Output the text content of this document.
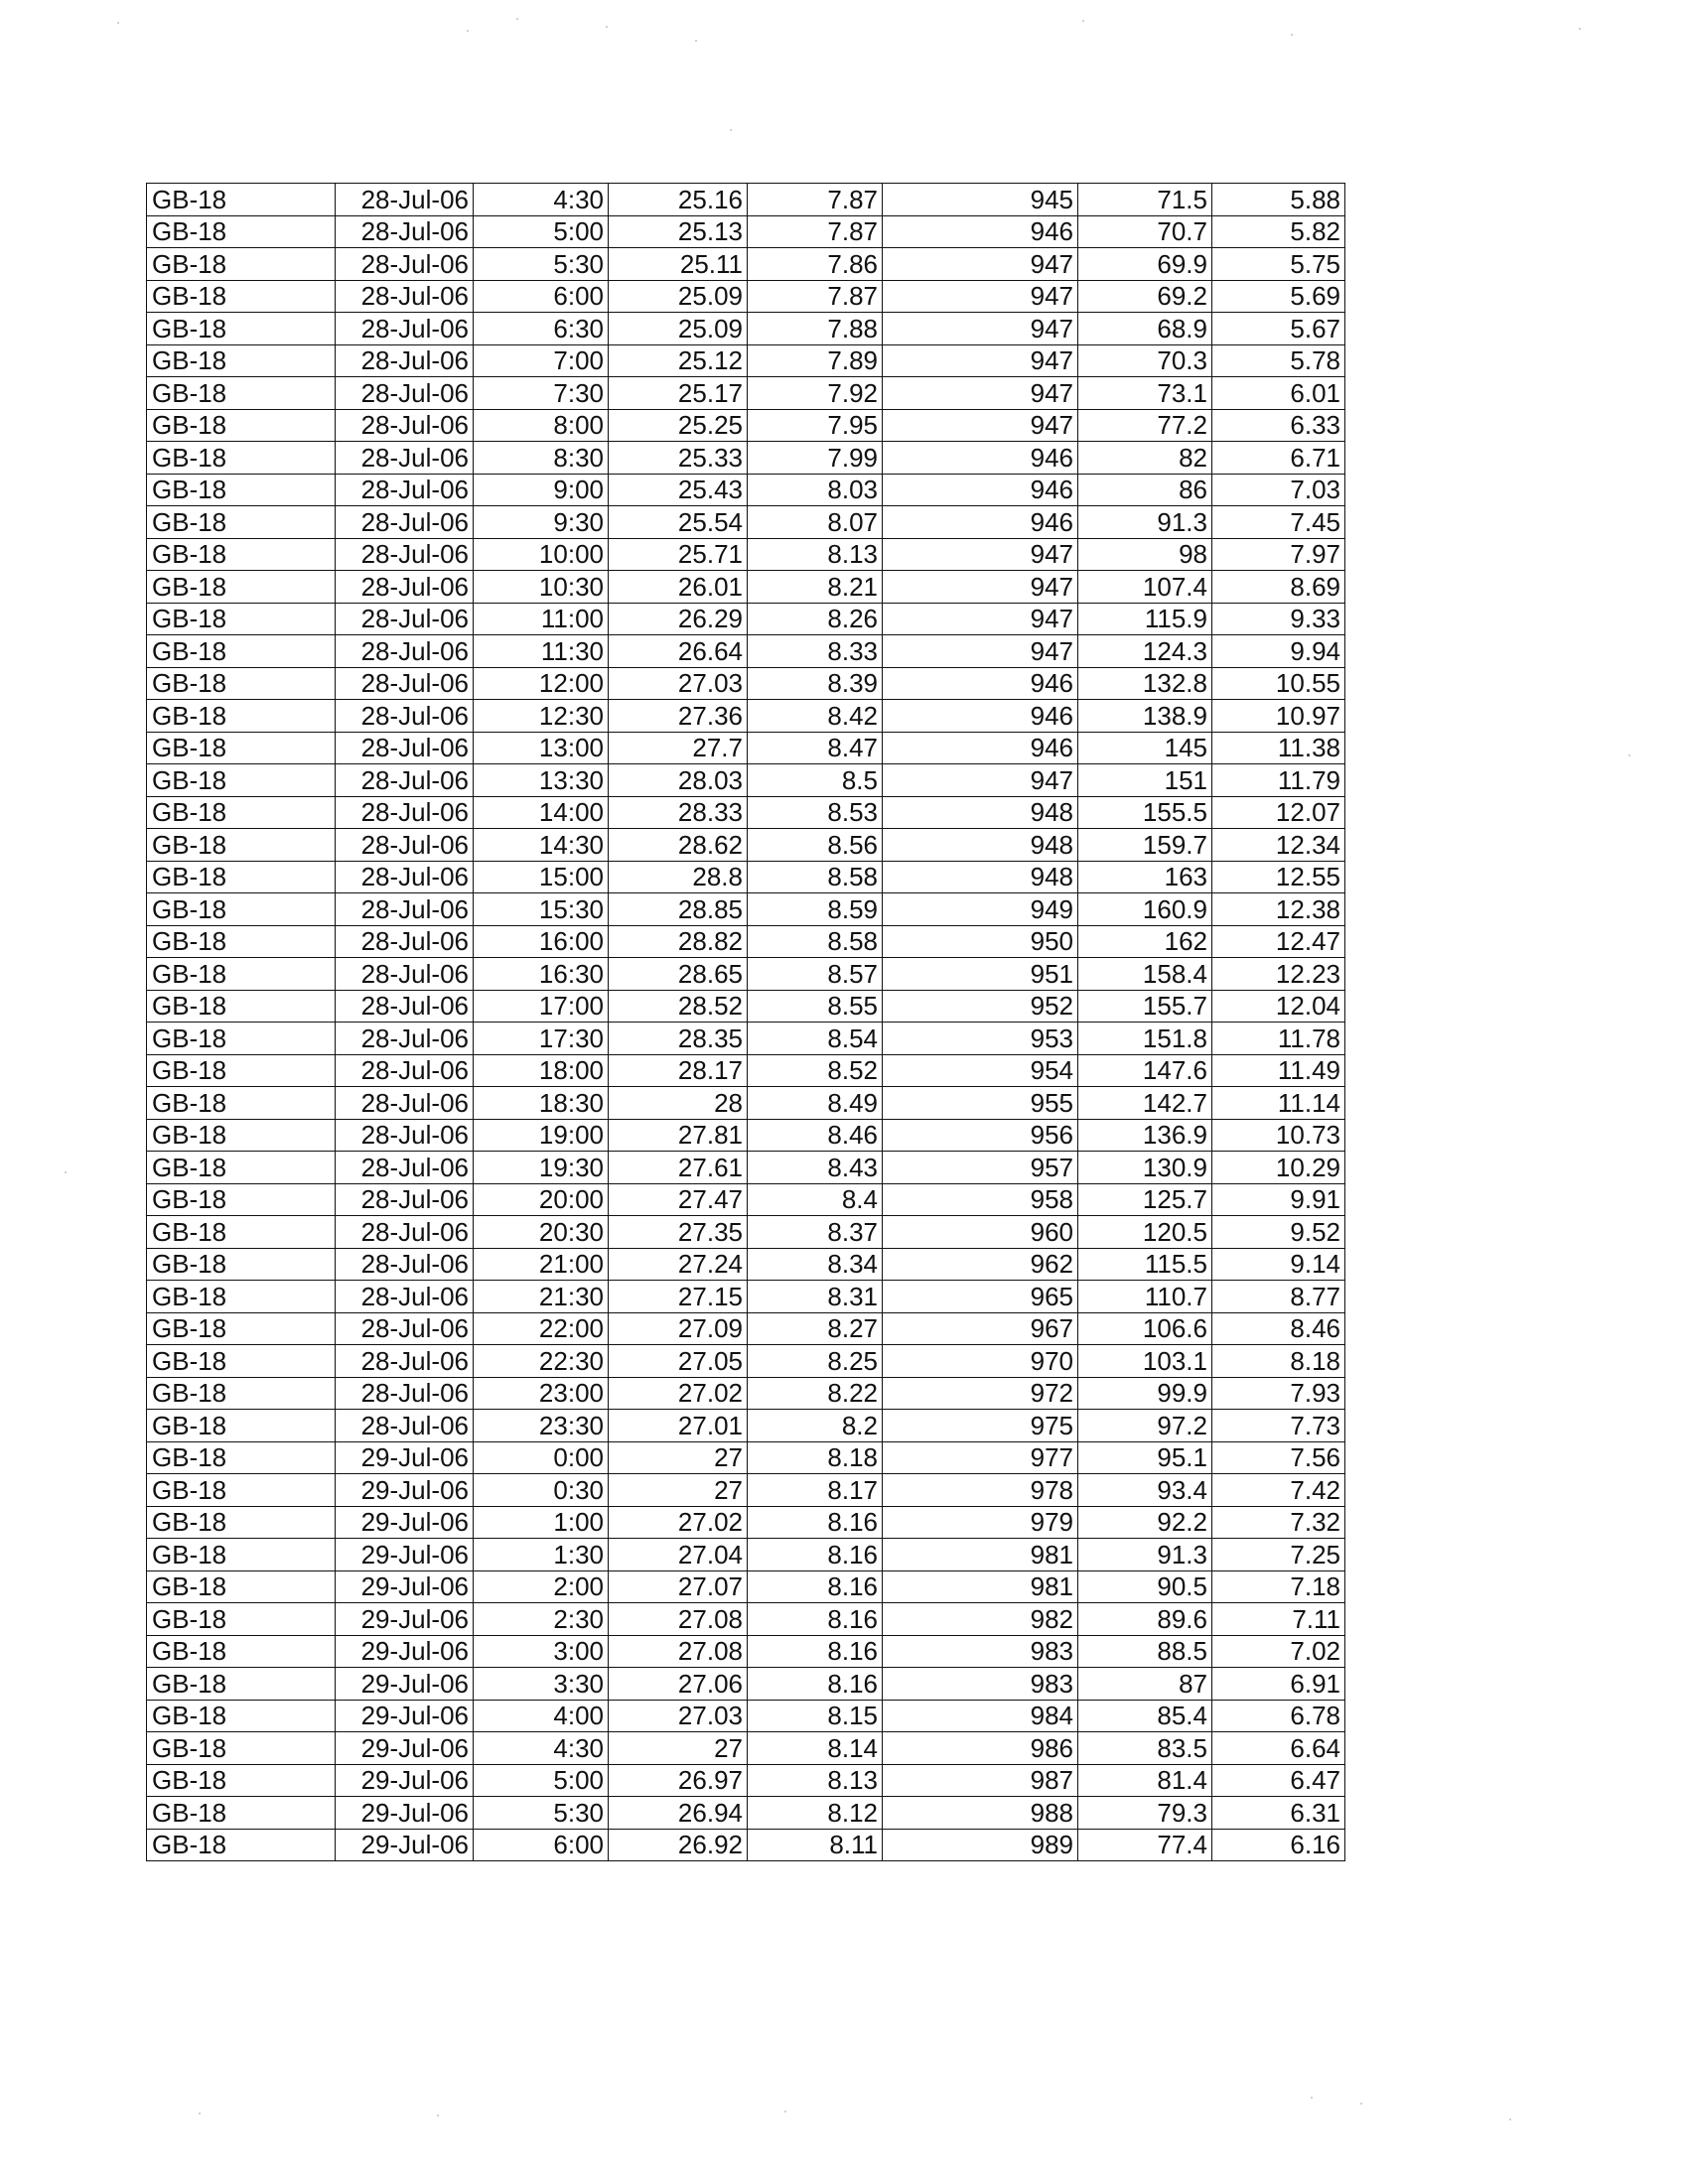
GB-18	28-Jul-06	4:30	25.16	7.87	945	71.5	5.88
GB-18	28-Jul-06	5:00	25.13	7.87	946	70.7	5.82
GB-18	28-Jul-06	5:30	25.11	7.86	947	69.9	5.75
GB-18	28-Jul-06	6:00	25.09	7.87	947	69.2	5.69
GB-18	28-Jul-06	6:30	25.09	7.88	947	68.9	5.67
GB-18	28-Jul-06	7:00	25.12	7.89	947	70.3	5.78
GB-18	28-Jul-06	7:30	25.17	7.92	947	73.1	6.01
GB-18	28-Jul-06	8:00	25.25	7.95	947	77.2	6.33
GB-18	28-Jul-06	8:30	25.33	7.99	946	82	6.71
GB-18	28-Jul-06	9:00	25.43	8.03	946	86	7.03
GB-18	28-Jul-06	9:30	25.54	8.07	946	91.3	7.45
GB-18	28-Jul-06	10:00	25.71	8.13	947	98	7.97
GB-18	28-Jul-06	10:30	26.01	8.21	947	107.4	8.69
GB-18	28-Jul-06	11:00	26.29	8.26	947	115.9	9.33
GB-18	28-Jul-06	11:30	26.64	8.33	947	124.3	9.94
GB-18	28-Jul-06	12:00	27.03	8.39	946	132.8	10.55
GB-18	28-Jul-06	12:30	27.36	8.42	946	138.9	10.97
GB-18	28-Jul-06	13:00	27.7	8.47	946	145	11.38
GB-18	28-Jul-06	13:30	28.03	8.5	947	151	11.79
GB-18	28-Jul-06	14:00	28.33	8.53	948	155.5	12.07
GB-18	28-Jul-06	14:30	28.62	8.56	948	159.7	12.34
GB-18	28-Jul-06	15:00	28.8	8.58	948	163	12.55
GB-18	28-Jul-06	15:30	28.85	8.59	949	160.9	12.38
GB-18	28-Jul-06	16:00	28.82	8.58	950	162	12.47
GB-18	28-Jul-06	16:30	28.65	8.57	951	158.4	12.23
GB-18	28-Jul-06	17:00	28.52	8.55	952	155.7	12.04
GB-18	28-Jul-06	17:30	28.35	8.54	953	151.8	11.78
GB-18	28-Jul-06	18:00	28.17	8.52	954	147.6	11.49
GB-18	28-Jul-06	18:30	28	8.49	955	142.7	11.14
GB-18	28-Jul-06	19:00	27.81	8.46	956	136.9	10.73
GB-18	28-Jul-06	19:30	27.61	8.43	957	130.9	10.29
GB-18	28-Jul-06	20:00	27.47	8.4	958	125.7	9.91
GB-18	28-Jul-06	20:30	27.35	8.37	960	120.5	9.52
GB-18	28-Jul-06	21:00	27.24	8.34	962	115.5	9.14
GB-18	28-Jul-06	21:30	27.15	8.31	965	110.7	8.77
GB-18	28-Jul-06	22:00	27.09	8.27	967	106.6	8.46
GB-18	28-Jul-06	22:30	27.05	8.25	970	103.1	8.18
GB-18	28-Jul-06	23:00	27.02	8.22	972	99.9	7.93
GB-18	28-Jul-06	23:30	27.01	8.2	975	97.2	7.73
GB-18	29-Jul-06	0:00	27	8.18	977	95.1	7.56
GB-18	29-Jul-06	0:30	27	8.17	978	93.4	7.42
GB-18	29-Jul-06	1:00	27.02	8.16	979	92.2	7.32
GB-18	29-Jul-06	1:30	27.04	8.16	981	91.3	7.25
GB-18	29-Jul-06	2:00	27.07	8.16	981	90.5	7.18
GB-18	29-Jul-06	2:30	27.08	8.16	982	89.6	7.11
GB-18	29-Jul-06	3:00	27.08	8.16	983	88.5	7.02
GB-18	29-Jul-06	3:30	27.06	8.16	983	87	6.91
GB-18	29-Jul-06	4:00	27.03	8.15	984	85.4	6.78
GB-18	29-Jul-06	4:30	27	8.14	986	83.5	6.64
GB-18	29-Jul-06	5:00	26.97	8.13	987	81.4	6.47
GB-18	29-Jul-06	5:30	26.94	8.12	988	79.3	6.31
GB-18	29-Jul-06	6:00	26.92	8.11	989	77.4	6.16
